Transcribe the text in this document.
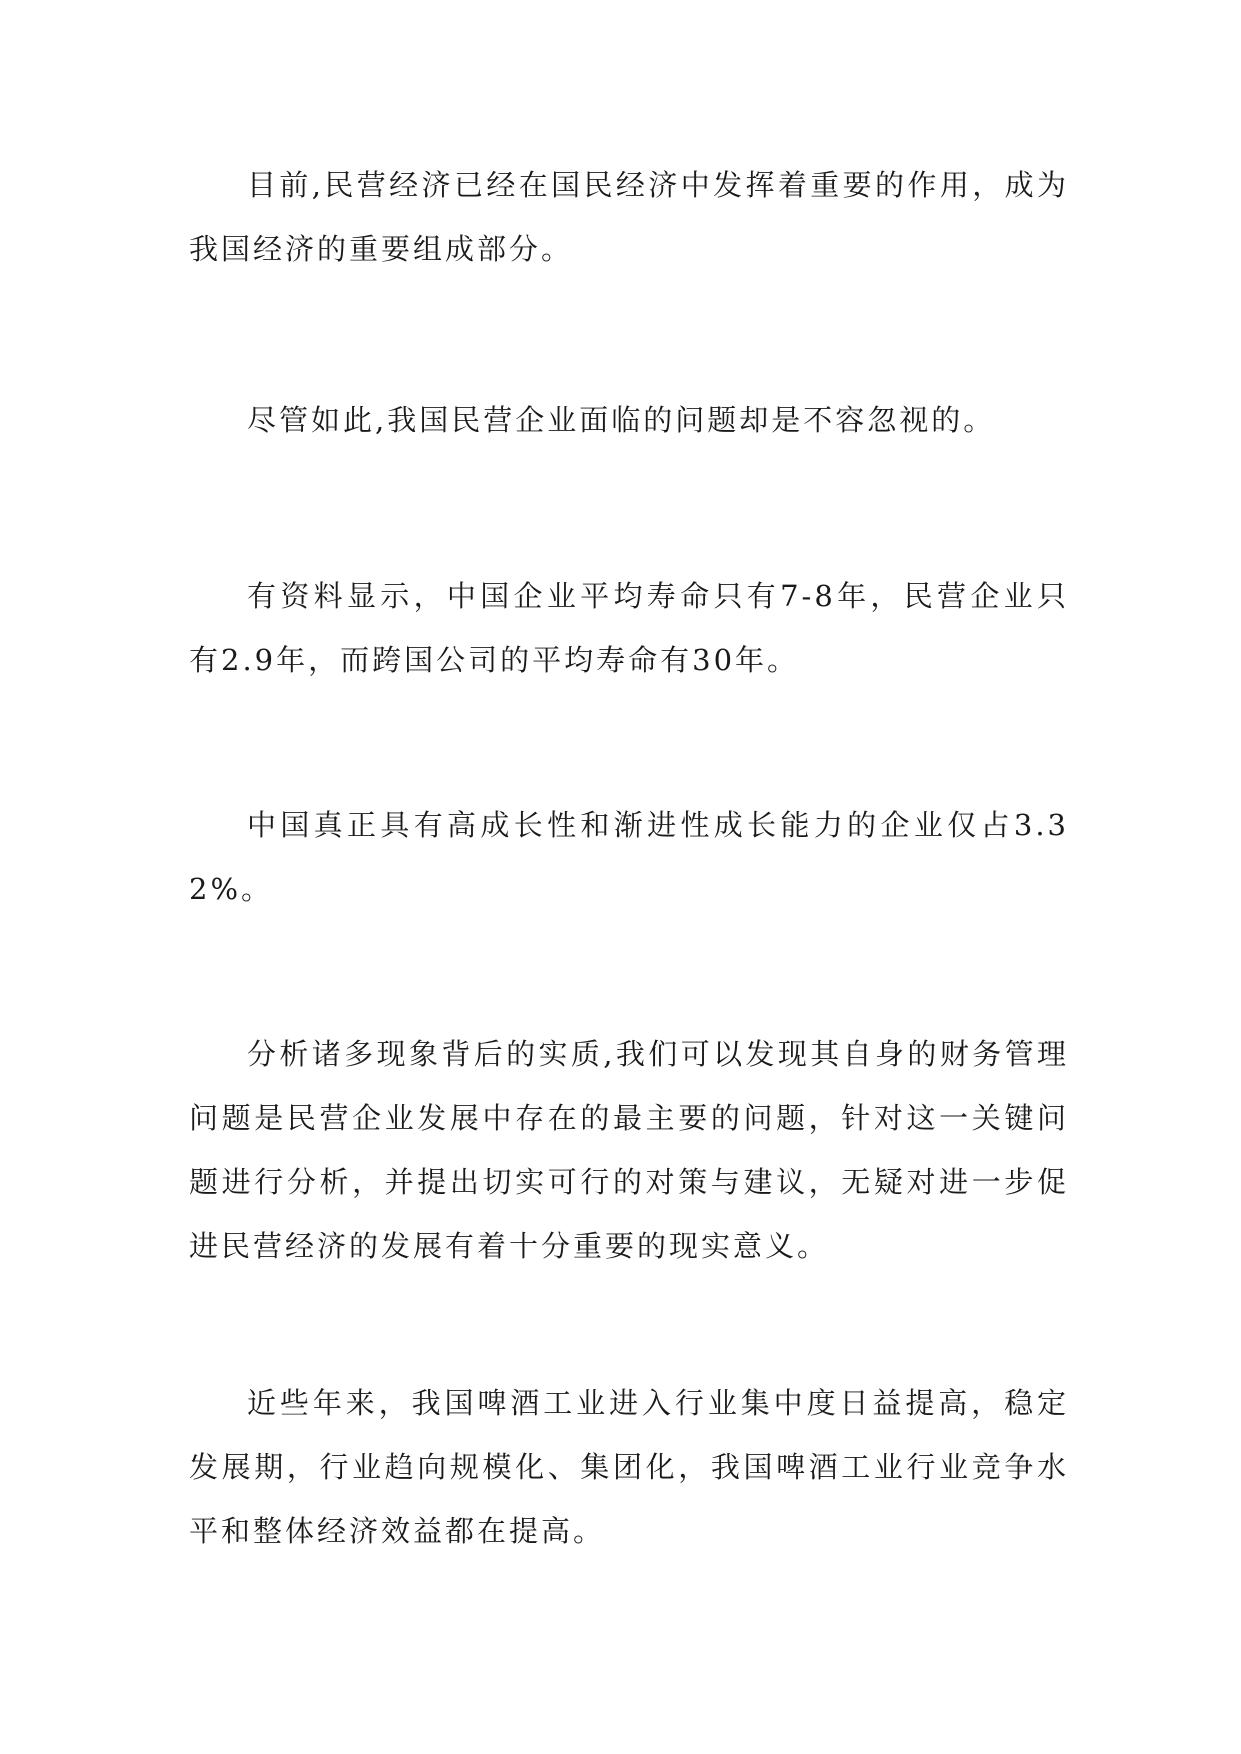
目前,民营经济已经在国民经济中发挥着重要的作用，成为我国经济的重要组成部分。

尽管如此,我国民营企业面临的问题却是不容忽视的。

有资料显示，中国企业平均寿命只有7-8年，民营企业只有2.9年，而跨国公司的平均寿命有30年。

中国真正具有高成长性和渐进性成长能力的企业仅占3.32%。

分析诸多现象背后的实质,我们可以发现其自身的财务管理问题是民营企业发展中存在的最主要的问题，针对这一关键问题进行分析，并提出切实可行的对策与建议，无疑对进一步促进民营经济的发展有着十分重要的现实意义。

近些年来，我国啤酒工业进入行业集中度日益提高，稳定发展期，行业趋向规模化、集团化，我国啤酒工业行业竞争水平和整体经济效益都在提高。
